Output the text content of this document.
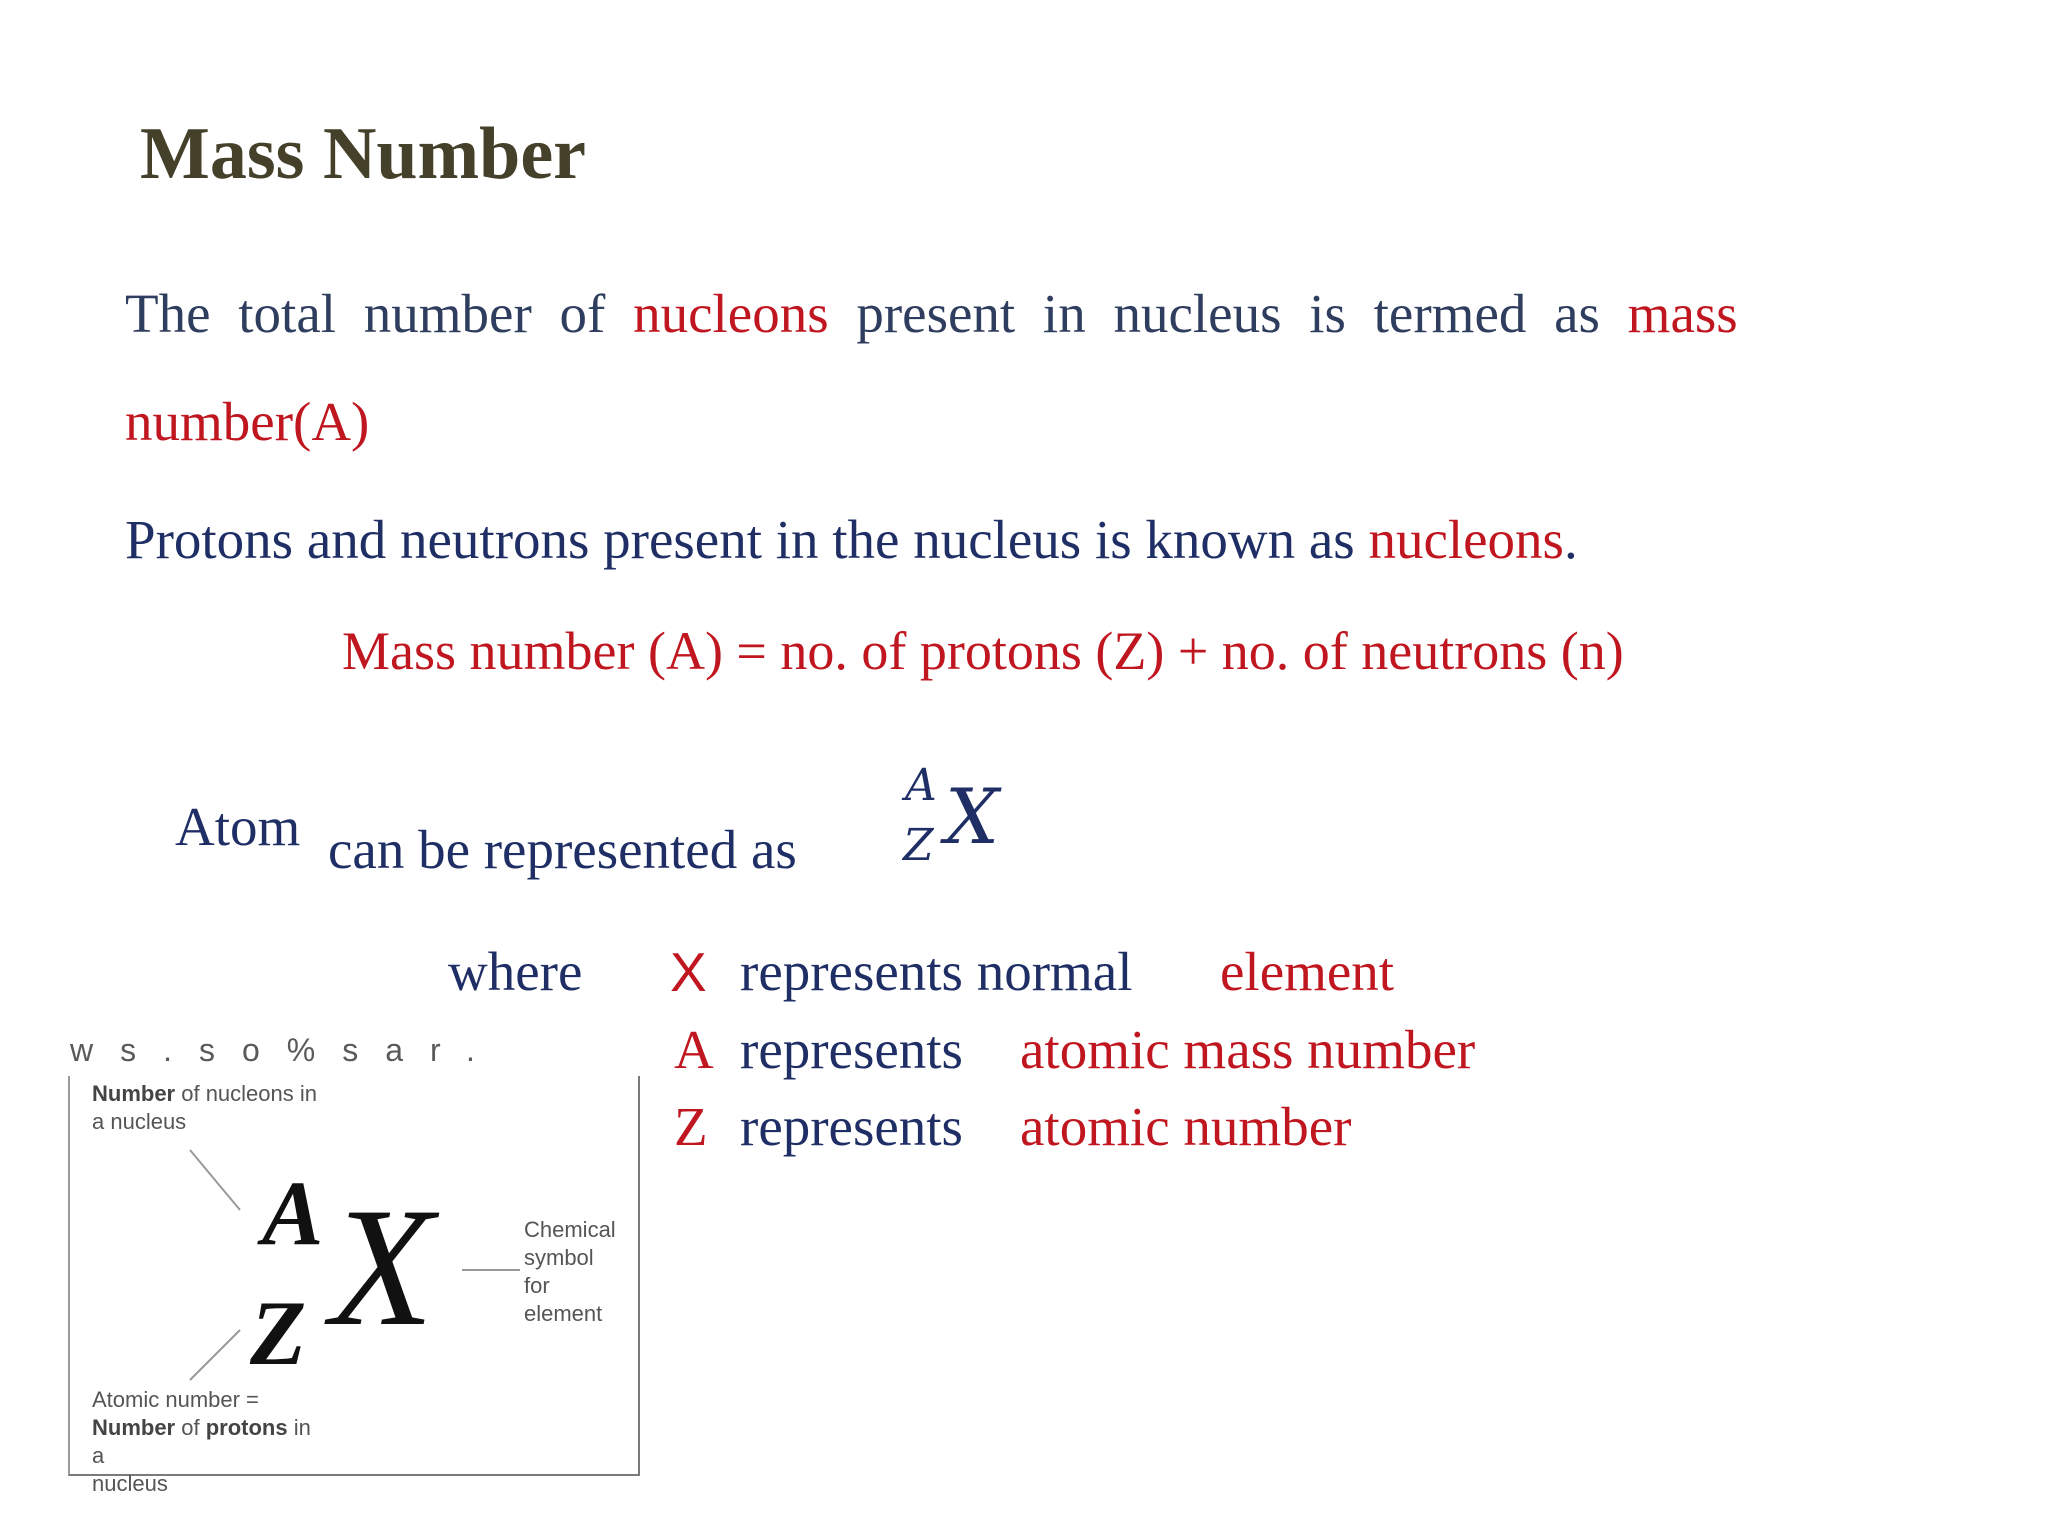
Mass Number
The total number of nucleons present in nucleus is termed as mass
number(A)
Protons and neutrons present in the nucleus is known as nucleons.
Mass number (A) = no. of protons (Z) + no. of neutrons (n)
Atom can be represented as
A
Z X
where X represents normal element
A represents atomic mass number
Z represents atomic number
ws.so%sar.
Number of nucleons in
a nucleus
Chemical
symbol
for
element
Atomic number =
Number of protons in
a
nucleus
A
Z X
